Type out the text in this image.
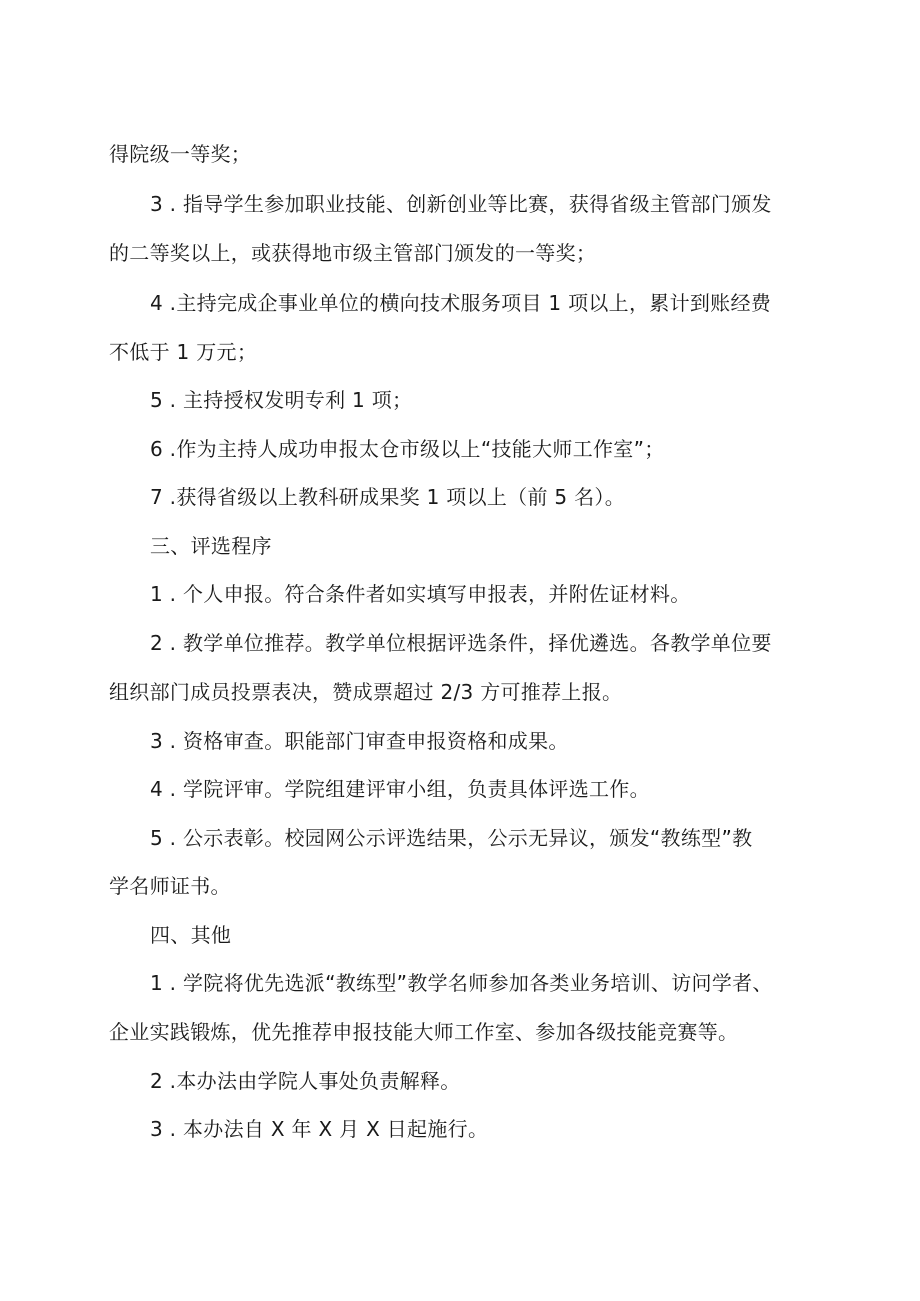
得院级一等奖；
3 . 指导学生参加职业技能、创新创业等比赛，获得省级主管部门颁发
的二等奖以上，或获得地市级主管部门颁发的一等奖；
4 .主持完成企事业单位的横向技术服务项目 1 项以上，累计到账经费
不低于 1 万元；
5 . 主持授权发明专利 1 项；
6 .作为主持人成功申报太仓市级以上“技能大师工作室”；
7 .获得省级以上教科研成果奖 1 项以上（前 5 名）。
三、评选程序
1 . 个人申报。符合条件者如实填写申报表，并附佐证材料。
2 . 教学单位推荐。教学单位根据评选条件，择优遴选。各教学单位要
组织部门成员投票表决，赞成票超过 2/3 方可推荐上报。
3 . 资格审查。职能部门审查申报资格和成果。
4 . 学院评审。学院组建评审小组，负责具体评选工作。
5 . 公示表彰。校园网公示评选结果，公示无异议，颁发“教练型”教
学名师证书。
四、其他
1 . 学院将优先选派“教练型”教学名师参加各类业务培训、访问学者、
企业实践锻炼，优先推荐申报技能大师工作室、参加各级技能竞赛等。
2 .本办法由学院人事处负责解释。
3 . 本办法自 X 年 X 月 X 日起施行。
